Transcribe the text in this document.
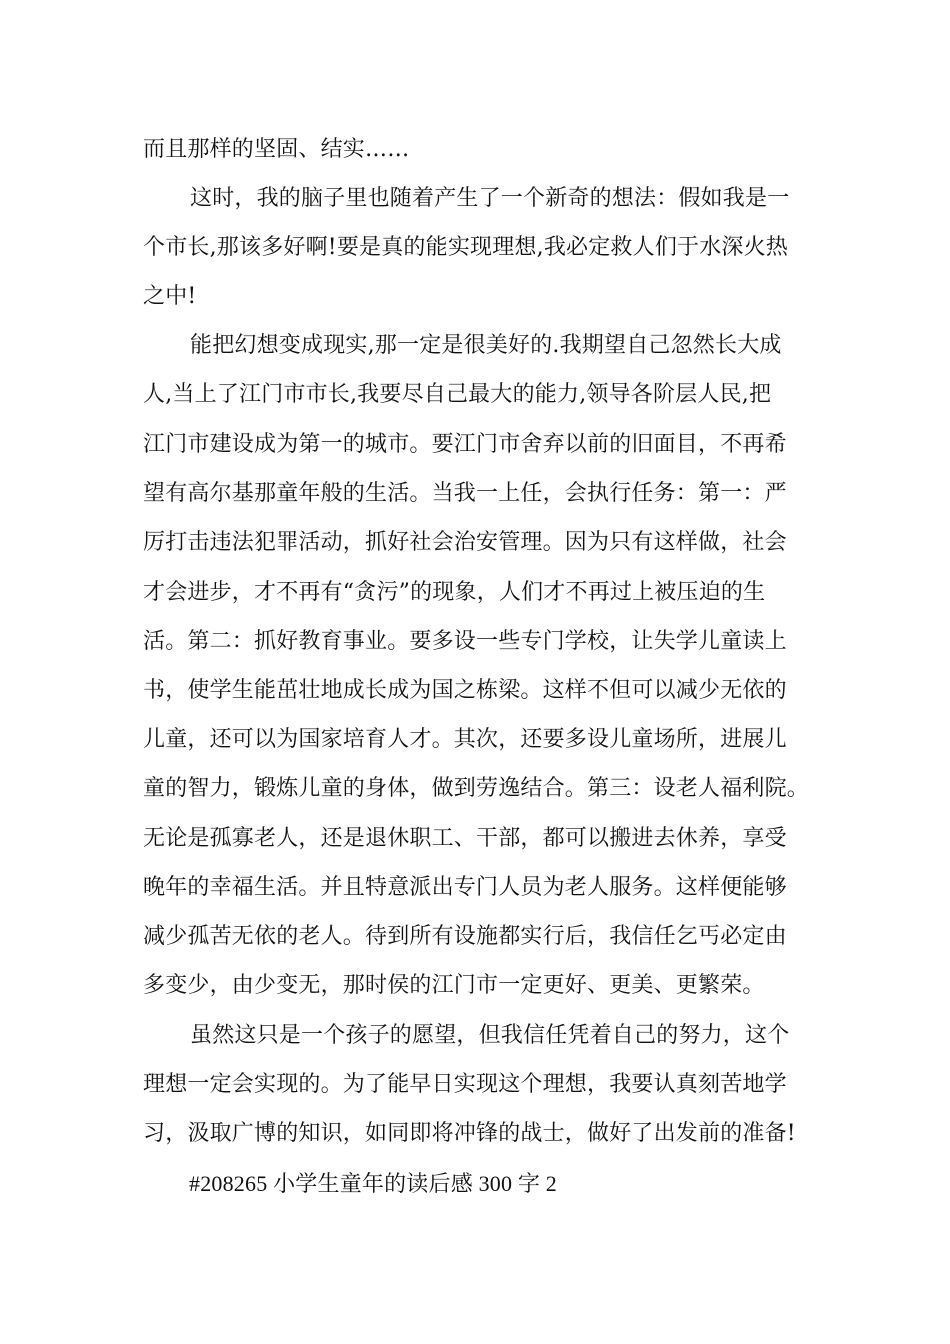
而且那样的坚固、结实……
这时，我的脑子里也随着产生了一个新奇的想法：假如我是一
个市长,那该多好啊!要是真的能实现理想,我必定救人们于水深火热
之中!
能把幻想变成现实,那一定是很美好的.我期望自己忽然长大成
人,当上了江门市市长,我要尽自己最大的能力,领导各阶层人民,把
江门市建设成为第一的城市。要江门市舍弃以前的旧面目，不再希
望有高尔基那童年般的生活。当我一上任，会执行任务：第一：严
厉打击违法犯罪活动，抓好社会治安管理。因为只有这样做，社会
才会进步，才不再有“贪污”的现象，人们才不再过上被压迫的生
活。第二：抓好教育事业。要多设一些专门学校，让失学儿童读上
书，使学生能茁壮地成长成为国之栋梁。这样不但可以减少无依的
儿童，还可以为国家培育人才。其次，还要多设儿童场所，进展儿
童的智力，锻炼儿童的身体，做到劳逸结合。第三：设老人福利院。
无论是孤寡老人，还是退休职工、干部，都可以搬进去休养，享受
晚年的幸福生活。并且特意派出专门人员为老人服务。这样便能够
减少孤苦无依的老人。待到所有设施都实行后，我信任乞丐必定由
多变少，由少变无，那时侯的江门市一定更好、更美、更繁荣。
虽然这只是一个孩子的愿望，但我信任凭着自己的努力，这个
理想一定会实现的。为了能早日实现这个理想，我要认真刻苦地学
习，汲取广博的知识，如同即将冲锋的战士，做好了出发前的准备!
#208265 小学生童年的读后感 300 字 2
